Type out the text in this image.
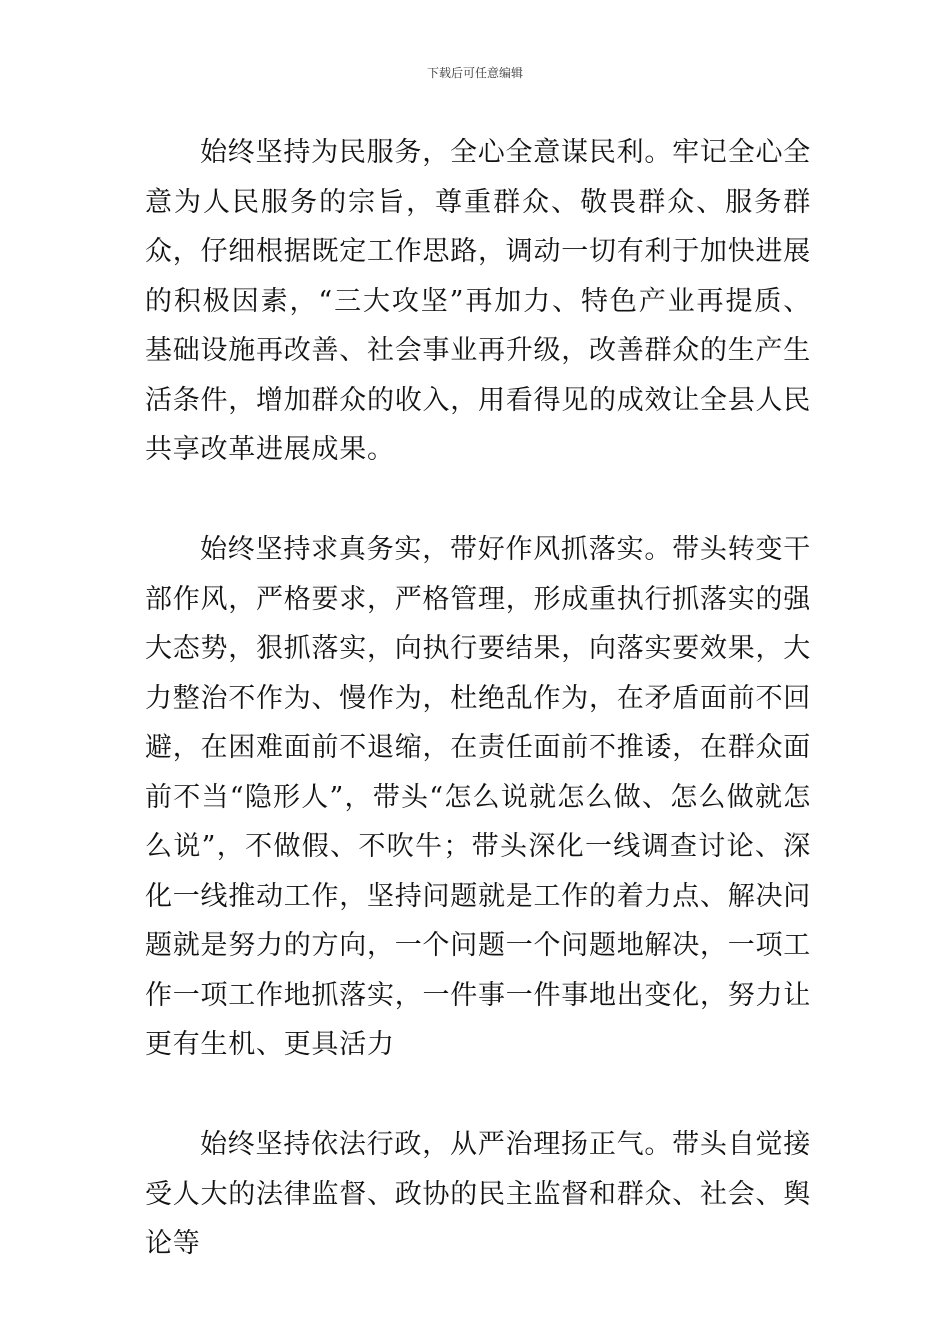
下载后可任意编辑

始终坚持为民服务，全心全意谋民利。牢记全心全意为人民服务的宗旨，尊重群众、敬畏群众、服务群众，仔细根据既定工作思路，调动一切有利于加快进展的积极因素，“三大攻坚”再加力、特色产业再提质、基础设施再改善、社会事业再升级，改善群众的生产生活条件，增加群众的收入，用看得见的成效让全县人民共享改革进展成果。

始终坚持求真务实，带好作风抓落实。带头转变干部作风，严格要求，严格管理，形成重执行抓落实的强大态势，狠抓落实，向执行要结果，向落实要效果，大力整治不作为、慢作为，杜绝乱作为，在矛盾面前不回避，在困难面前不退缩，在责任面前不推诿，在群众面前不当“隐形人”，带头“怎么说就怎么做、怎么做就怎么说”，不做假、不吹牛；带头深化一线调查讨论、深化一线推动工作，坚持问题就是工作的着力点、解决问题就是努力的方向，一个问题一个问题地解决，一项工作一项工作地抓落实，一件事一件事地出变化，努力让更有生机、更具活力

始终坚持依法行政，从严治理扬正气。带头自觉接受人大的法律监督、政协的民主监督和群众、社会、舆论等
